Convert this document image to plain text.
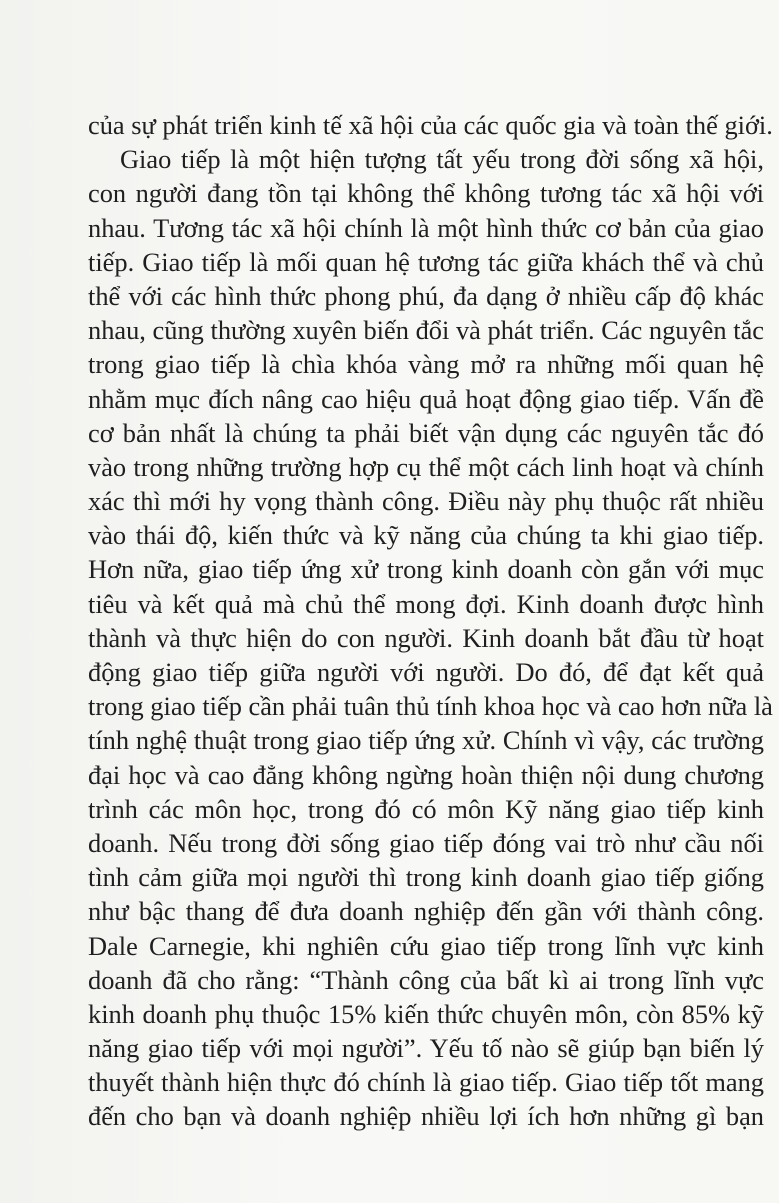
của sự phát triển kinh tế xã hội của các quốc gia và toàn thế giới.
Giao tiếp là một hiện tượng tất yếu trong đời sống xã hội,
con người đang tồn tại không thể không tương tác xã hội với
nhau. Tương tác xã hội chính là một hình thức cơ bản của giao
tiếp. Giao tiếp là mối quan hệ tương tác giữa khách thể và chủ
thể với các hình thức phong phú, đa dạng ở nhiều cấp độ khác
nhau, cũng thường xuyên biến đổi và phát triển. Các nguyên tắc
trong giao tiếp là chìa khóa vàng mở ra những mối quan hệ
nhằm mục đích nâng cao hiệu quả hoạt động giao tiếp. Vấn đề
cơ bản nhất là chúng ta phải biết vận dụng các nguyên tắc đó
vào trong những trường hợp cụ thể một cách linh hoạt và chính
xác thì mới hy vọng thành công. Điều này phụ thuộc rất nhiều
vào thái độ, kiến thức và kỹ năng của chúng ta khi giao tiếp.
Hơn nữa, giao tiếp ứng xử trong kinh doanh còn gắn với mục
tiêu và kết quả mà chủ thể mong đợi. Kinh doanh được hình
thành và thực hiện do con người. Kinh doanh bắt đầu từ hoạt
động giao tiếp giữa người với người. Do đó, để đạt kết quả
trong giao tiếp cần phải tuân thủ tính khoa học và cao hơn nữa là
tính nghệ thuật trong giao tiếp ứng xử. Chính vì vậy, các trường
đại học và cao đẳng không ngừng hoàn thiện nội dung chương
trình các môn học, trong đó có môn Kỹ năng giao tiếp kinh
doanh. Nếu trong đời sống giao tiếp đóng vai trò như cầu nối
tình cảm giữa mọi người thì trong kinh doanh giao tiếp giống
như bậc thang để đưa doanh nghiệp đến gần với thành công.
Dale Carnegie, khi nghiên cứu giao tiếp trong lĩnh vực kinh
doanh đã cho rằng: “Thành công của bất kì ai trong lĩnh vực
kinh doanh phụ thuộc 15% kiến thức chuyên môn, còn 85% kỹ
năng giao tiếp với mọi người”. Yếu tố nào sẽ giúp bạn biến lý
thuyết thành hiện thực đó chính là giao tiếp. Giao tiếp tốt mang
đến cho bạn và doanh nghiệp nhiều lợi ích hơn những gì bạn
